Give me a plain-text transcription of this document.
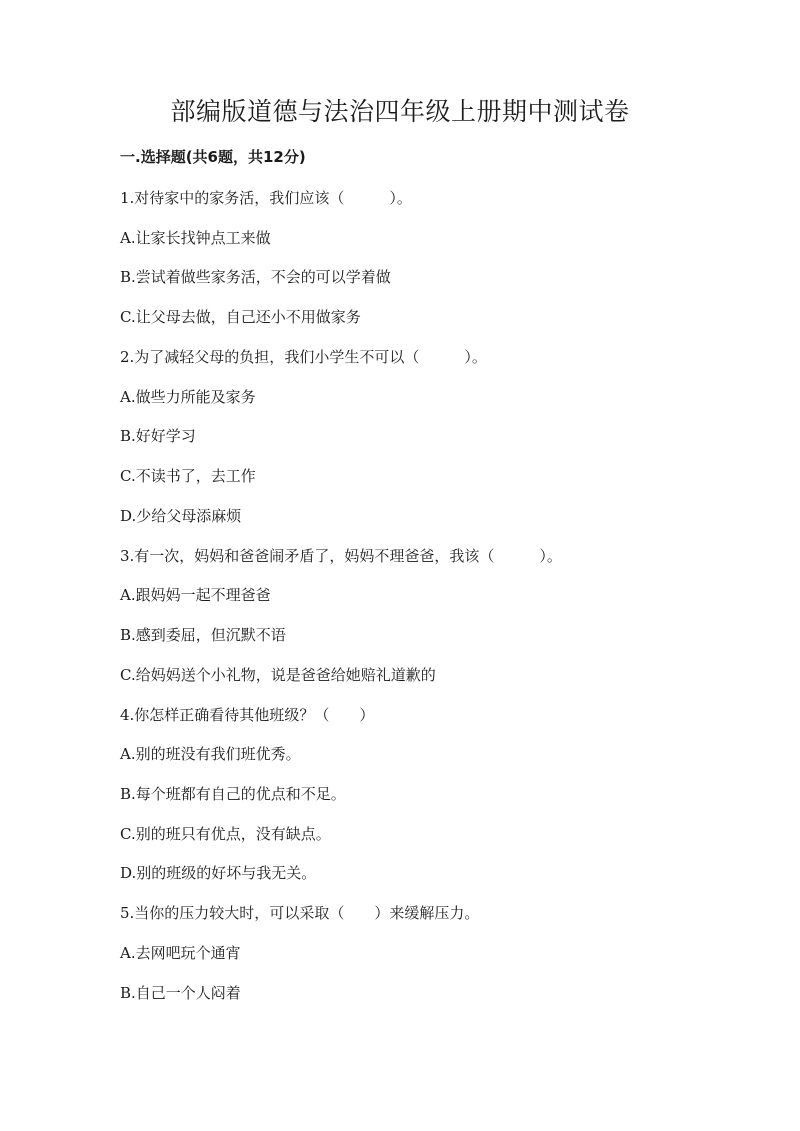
部编版道德与法治四年级上册期中测试卷
一.选择题(共6题，共12分)
1.对待家中的家务活，我们应该（　　　）。
A.让家长找钟点工来做
B.尝试着做些家务活，不会的可以学着做
C.让父母去做，自己还小不用做家务
2.为了减轻父母的负担，我们小学生不可以（　　　）。
A.做些力所能及家务
B.好好学习
C.不读书了，去工作
D.少给父母添麻烦
3.有一次，妈妈和爸爸闹矛盾了，妈妈不理爸爸，我该（　　　）。
A.跟妈妈一起不理爸爸
B.感到委屈，但沉默不语
C.给妈妈送个小礼物，说是爸爸给她赔礼道歉的
4.你怎样正确看待其他班级？（　　）
A.别的班没有我们班优秀。
B.每个班都有自己的优点和不足。
C.别的班只有优点，没有缺点。
D.别的班级的好坏与我无关。
5.当你的压力较大时，可以采取（　　）来缓解压力。
A.去网吧玩个通宵
B.自己一个人闷着
